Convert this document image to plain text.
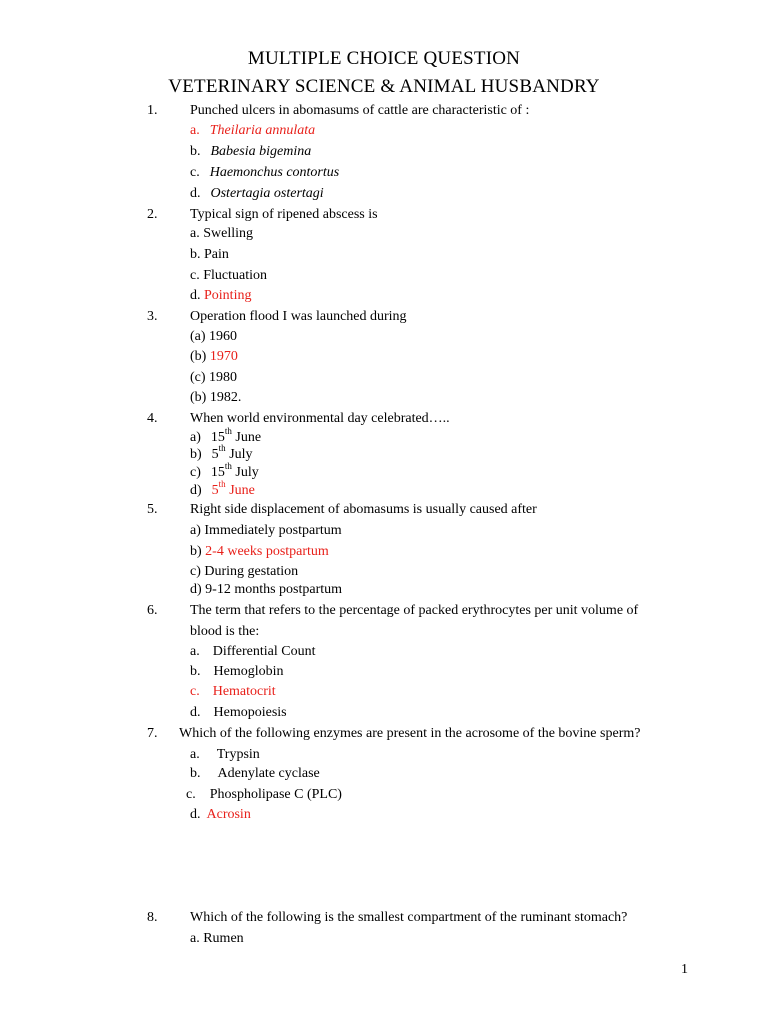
MULTIPLE CHOICE QUESTION
VETERINARY SCIENCE & ANIMAL HUSBANDRY
1. Punched ulcers in abomasums of cattle are characteristic of :
a. Theilaria annulata
b. Babesia bigemina
c. Haemonchus contortus
d. Ostertagia ostertagi
2. Typical sign of ripened abscess is
a. Swelling
b. Pain
c. Fluctuation
d. Pointing
3. Operation flood I was launched during
(a) 1960
(b) 1970
(c) 1980
(b) 1982.
4. When world environmental day celebrated…..
a) 15th June
b) 5th July
c) 15th July
d) 5th June
5. Right side displacement of abomasums is usually caused after
a) Immediately postpartum
b) 2-4 weeks postpartum
c) During gestation
d) 9-12 months postpartum
6. The term that refers to the percentage of packed erythrocytes per unit volume of
blood is the:
a. Differential Count
b. Hemoglobin
c. Hematocrit
d. Hemopoiesis
7. Which of the following enzymes are present in the acrosome of the bovine sperm?
a. Trypsin
b. Adenylate cyclase
c. Phospholipase C (PLC)
d. Acrosin
8. Which of the following is the smallest compartment of the ruminant stomach?
a. Rumen
1
